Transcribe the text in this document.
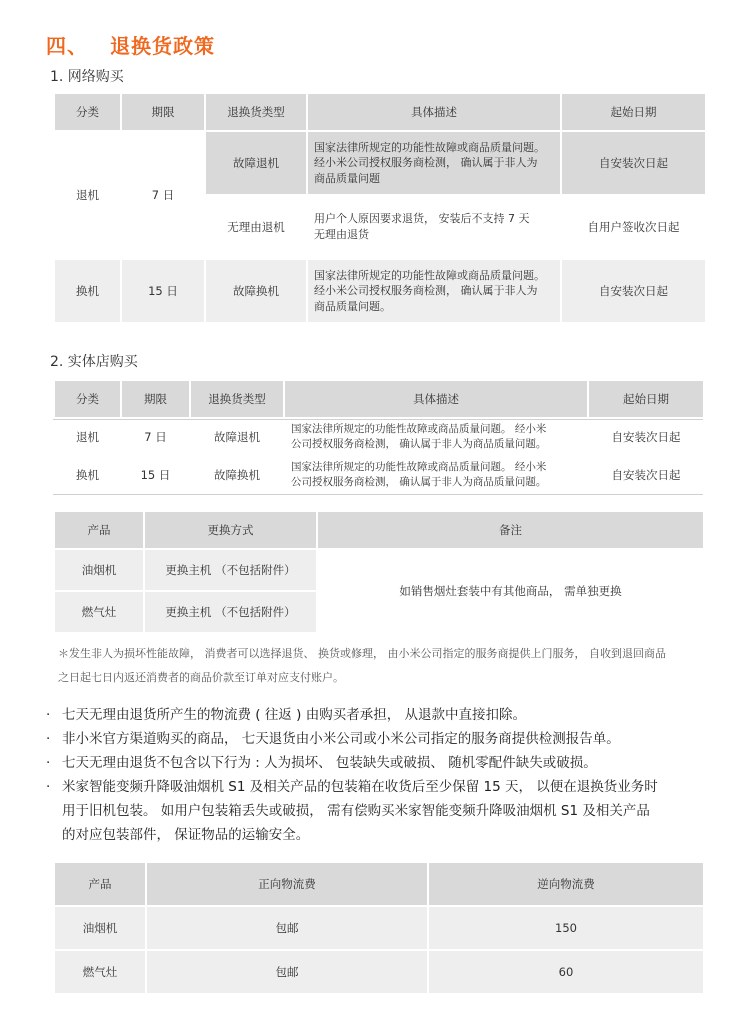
四、 退换货政策
1. 网络购买
分类	期限	退换货类型	具体描述	起始日期
退机	7 日	故障退机	国家法律所规定的功能性故障或商品质量问题。
经小米公司授权服务商检测， 确认属于非人为
商品质量问题	自安装次日起
		无理由退机	用户个人原因要求退货， 安装后不支持 7 天
无理由退货	自用户签收次日起
换机	15 日	故障换机	国家法律所规定的功能性故障或商品质量问题。
经小米公司授权服务商检测， 确认属于非人为
商品质量问题。	自安装次日起
2. 实体店购买
分类	期限	退换货类型	具体描述	起始日期
退机	7 日	故障退机	国家法律所规定的功能性故障或商品质量问题。 经小米
公司授权服务商检测， 确认属于非人为商品质量问题。	自安装次日起
换机	15 日	故障换机	国家法律所规定的功能性故障或商品质量问题。 经小米
公司授权服务商检测， 确认属于非人为商品质量问题。	自安装次日起
产品	更换方式	备注
油烟机	更换主机 （不包括附件）	如销售烟灶套装中有其他商品， 需单独更换
燃气灶	更换主机 （不包括附件）	
＊发生非人为损坏性能故障， 消费者可以选择退货、 换货或修理， 由小米公司指定的服务商提供上门服务， 自收到退回商品
之日起七日内返还消费者的商品价款至订单对应支付账户。
· 七天无理由退货所产生的物流费 ( 往返 ) 由购买者承担， 从退款中直接扣除。
· 非小米官方渠道购买的商品， 七天退货由小米公司或小米公司指定的服务商提供检测报告单。
· 七天无理由退货不包含以下行为 : 人为损坏、 包装缺失或破损、 随机零配件缺失或破损。
· 米家智能变频升降吸油烟机 S1 及相关产品的包装箱在收货后至少保留 15 天， 以便在退换货业务时
用于旧机包装。 如用户包装箱丢失或破损， 需有偿购买米家智能变频升降吸油烟机 S1 及相关产品
的对应包装部件， 保证物品的运输安全。
产品	正向物流费	逆向物流费
油烟机	包邮	150
燃气灶	包邮	60
